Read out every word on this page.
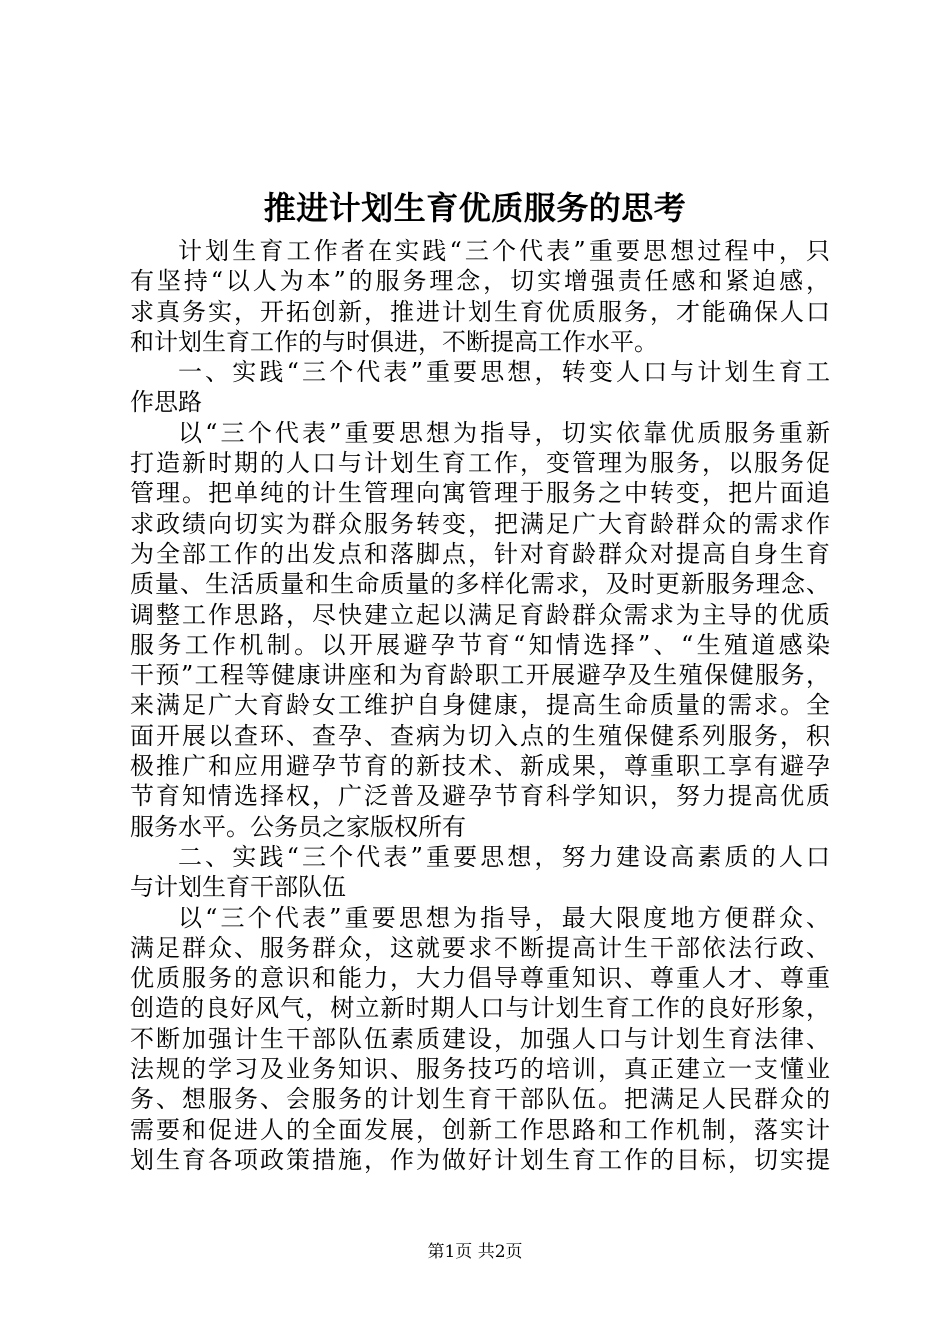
推进计划生育优质服务的思考
计划生育工作者在实践“三个代表”重要思想过程中，只
有坚持“以人为本”的服务理念，切实增强责任感和紧迫感，
求真务实，开拓创新，推进计划生育优质服务，才能确保人口
和计划生育工作的与时俱进，不断提高工作水平。
一、实践“三个代表”重要思想，转变人口与计划生育工
作思路
以“三个代表”重要思想为指导，切实依靠优质服务重新
打造新时期的人口与计划生育工作，变管理为服务，以服务促
管理。把单纯的计生管理向寓管理于服务之中转变，把片面追
求政绩向切实为群众服务转变，把满足广大育龄群众的需求作
为全部工作的出发点和落脚点，针对育龄群众对提高自身生育
质量、生活质量和生命质量的多样化需求，及时更新服务理念、
调整工作思路，尽快建立起以满足育龄群众需求为主导的优质
服务工作机制。以开展避孕节育“知情选择”、“生殖道感染
干预”工程等健康讲座和为育龄职工开展避孕及生殖保健服务，
来满足广大育龄女工维护自身健康，提高生命质量的需求。全
面开展以查环、查孕、查病为切入点的生殖保健系列服务，积
极推广和应用避孕节育的新技术、新成果，尊重职工享有避孕
节育知情选择权，广泛普及避孕节育科学知识，努力提高优质
服务水平。公务员之家版权所有
二、实践“三个代表”重要思想，努力建设高素质的人口
与计划生育干部队伍
以“三个代表”重要思想为指导，最大限度地方便群众、
满足群众、服务群众，这就要求不断提高计生干部依法行政、
优质服务的意识和能力，大力倡导尊重知识、尊重人才、尊重
创造的良好风气，树立新时期人口与计划生育工作的良好形象，
不断加强计生干部队伍素质建设，加强人口与计划生育法律、
法规的学习及业务知识、服务技巧的培训，真正建立一支懂业
务、想服务、会服务的计划生育干部队伍。把满足人民群众的
需要和促进人的全面发展，创新工作思路和工作机制，落实计
划生育各项政策措施，作为做好计划生育工作的目标，切实提
第1页 共2页
